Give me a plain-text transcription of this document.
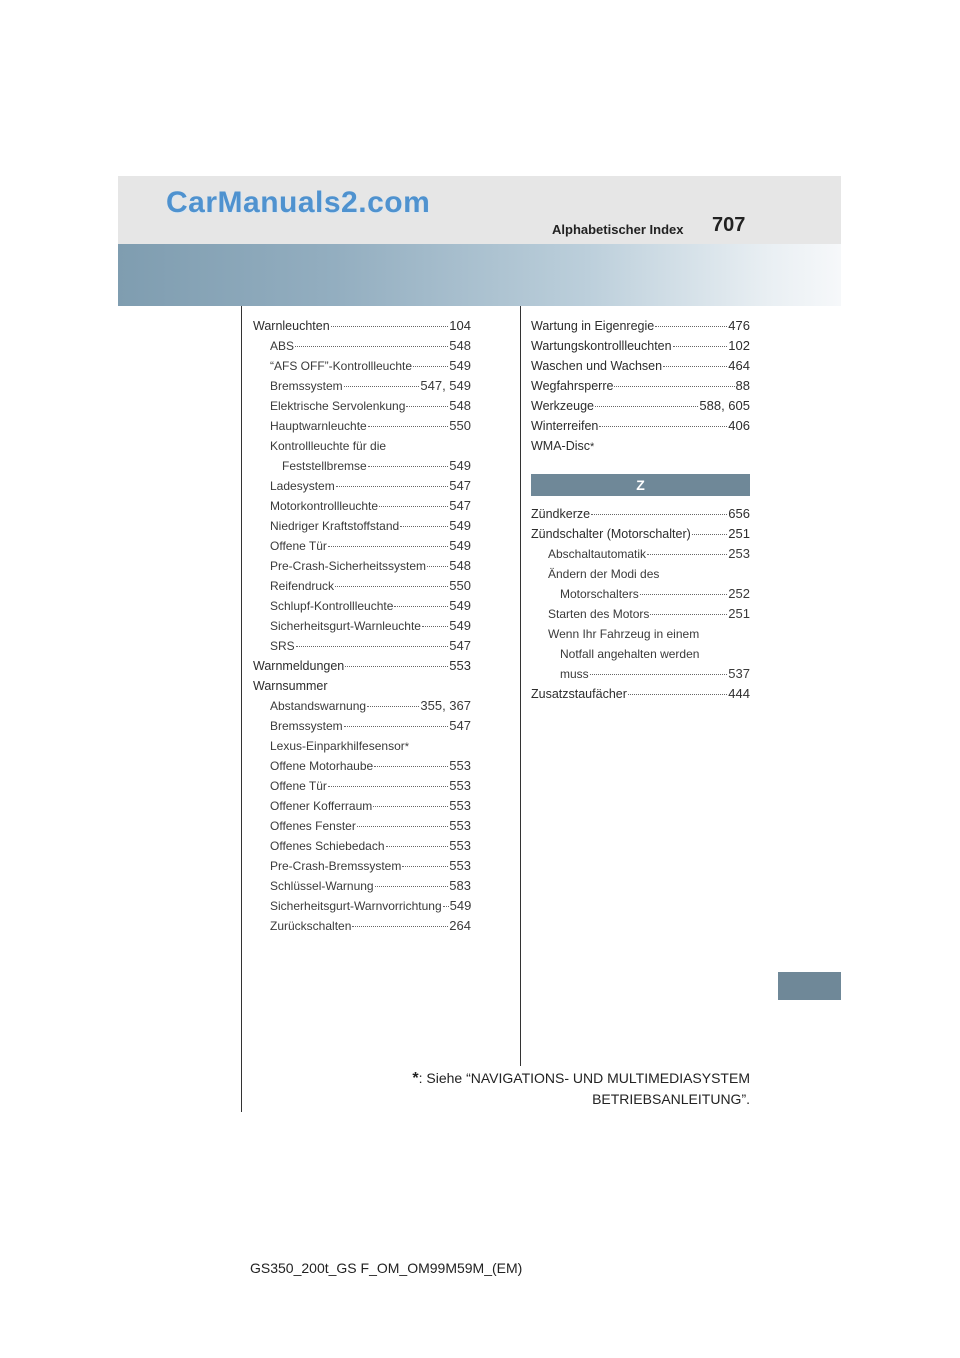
CarManuals2.com
Alphabetischer Index 707
Warnleuchten	104
ABS	548
“AFS OFF”-Kontrollleuchte	549
Bremssystem	547, 549
Elektrische Servolenkung	548
Hauptwarnleuchte	550
Kontrollleuchte für die
Feststellbremse	549
Ladesystem	547
Motorkontrollleuchte	547
Niedriger Kraftstoffstand	549
Offene Tür	549
Pre-Crash-Sicherheitssystem 548
Reifendruck	550
Schlupf-Kontrollleuchte	549
Sicherheitsgurt-Warnleuchte 549
SRS	547
Warnmeldungen	553
Warnsummer
Abstandswarnung	355, 367
Bremssystem	547
Lexus-Einparkhilfesensor *
Offene Motorhaube	553
Offene Tür	553
Offener Kofferraum	553
Offenes Fenster	553
Offenes Schiebedach	553
Pre-Crash-Bremssystem	553
Schlüssel-Warnung	583
Sicherheitsgurt-Warnvorrichtung 549
Zurückschalten	264
Wartung in Eigenregie	476
Wartungskontrollleuchten	102
Waschen und Wachsen	464
Wegfahrsperre	88
Werkzeuge	588, 605
Winterreifen	406
WMA-Disc *
Z
Zündkerze	656
Zündschalter (Motorschalter)	251
Abschaltautomatik	253
Ändern der Modi des
Motorschalters	252
Starten des Motors	251
Wenn Ihr Fahrzeug in einem
Notfall angehalten werden
muss	537
Zusatzstaufächer	444
*: Siehe “NAVIGATIONS- UND MULTIMEDIASYSTEM
BETRIEBSANLEITUNG”.
GS350_200t_GS F_OM_OM99M59M_(EM)
